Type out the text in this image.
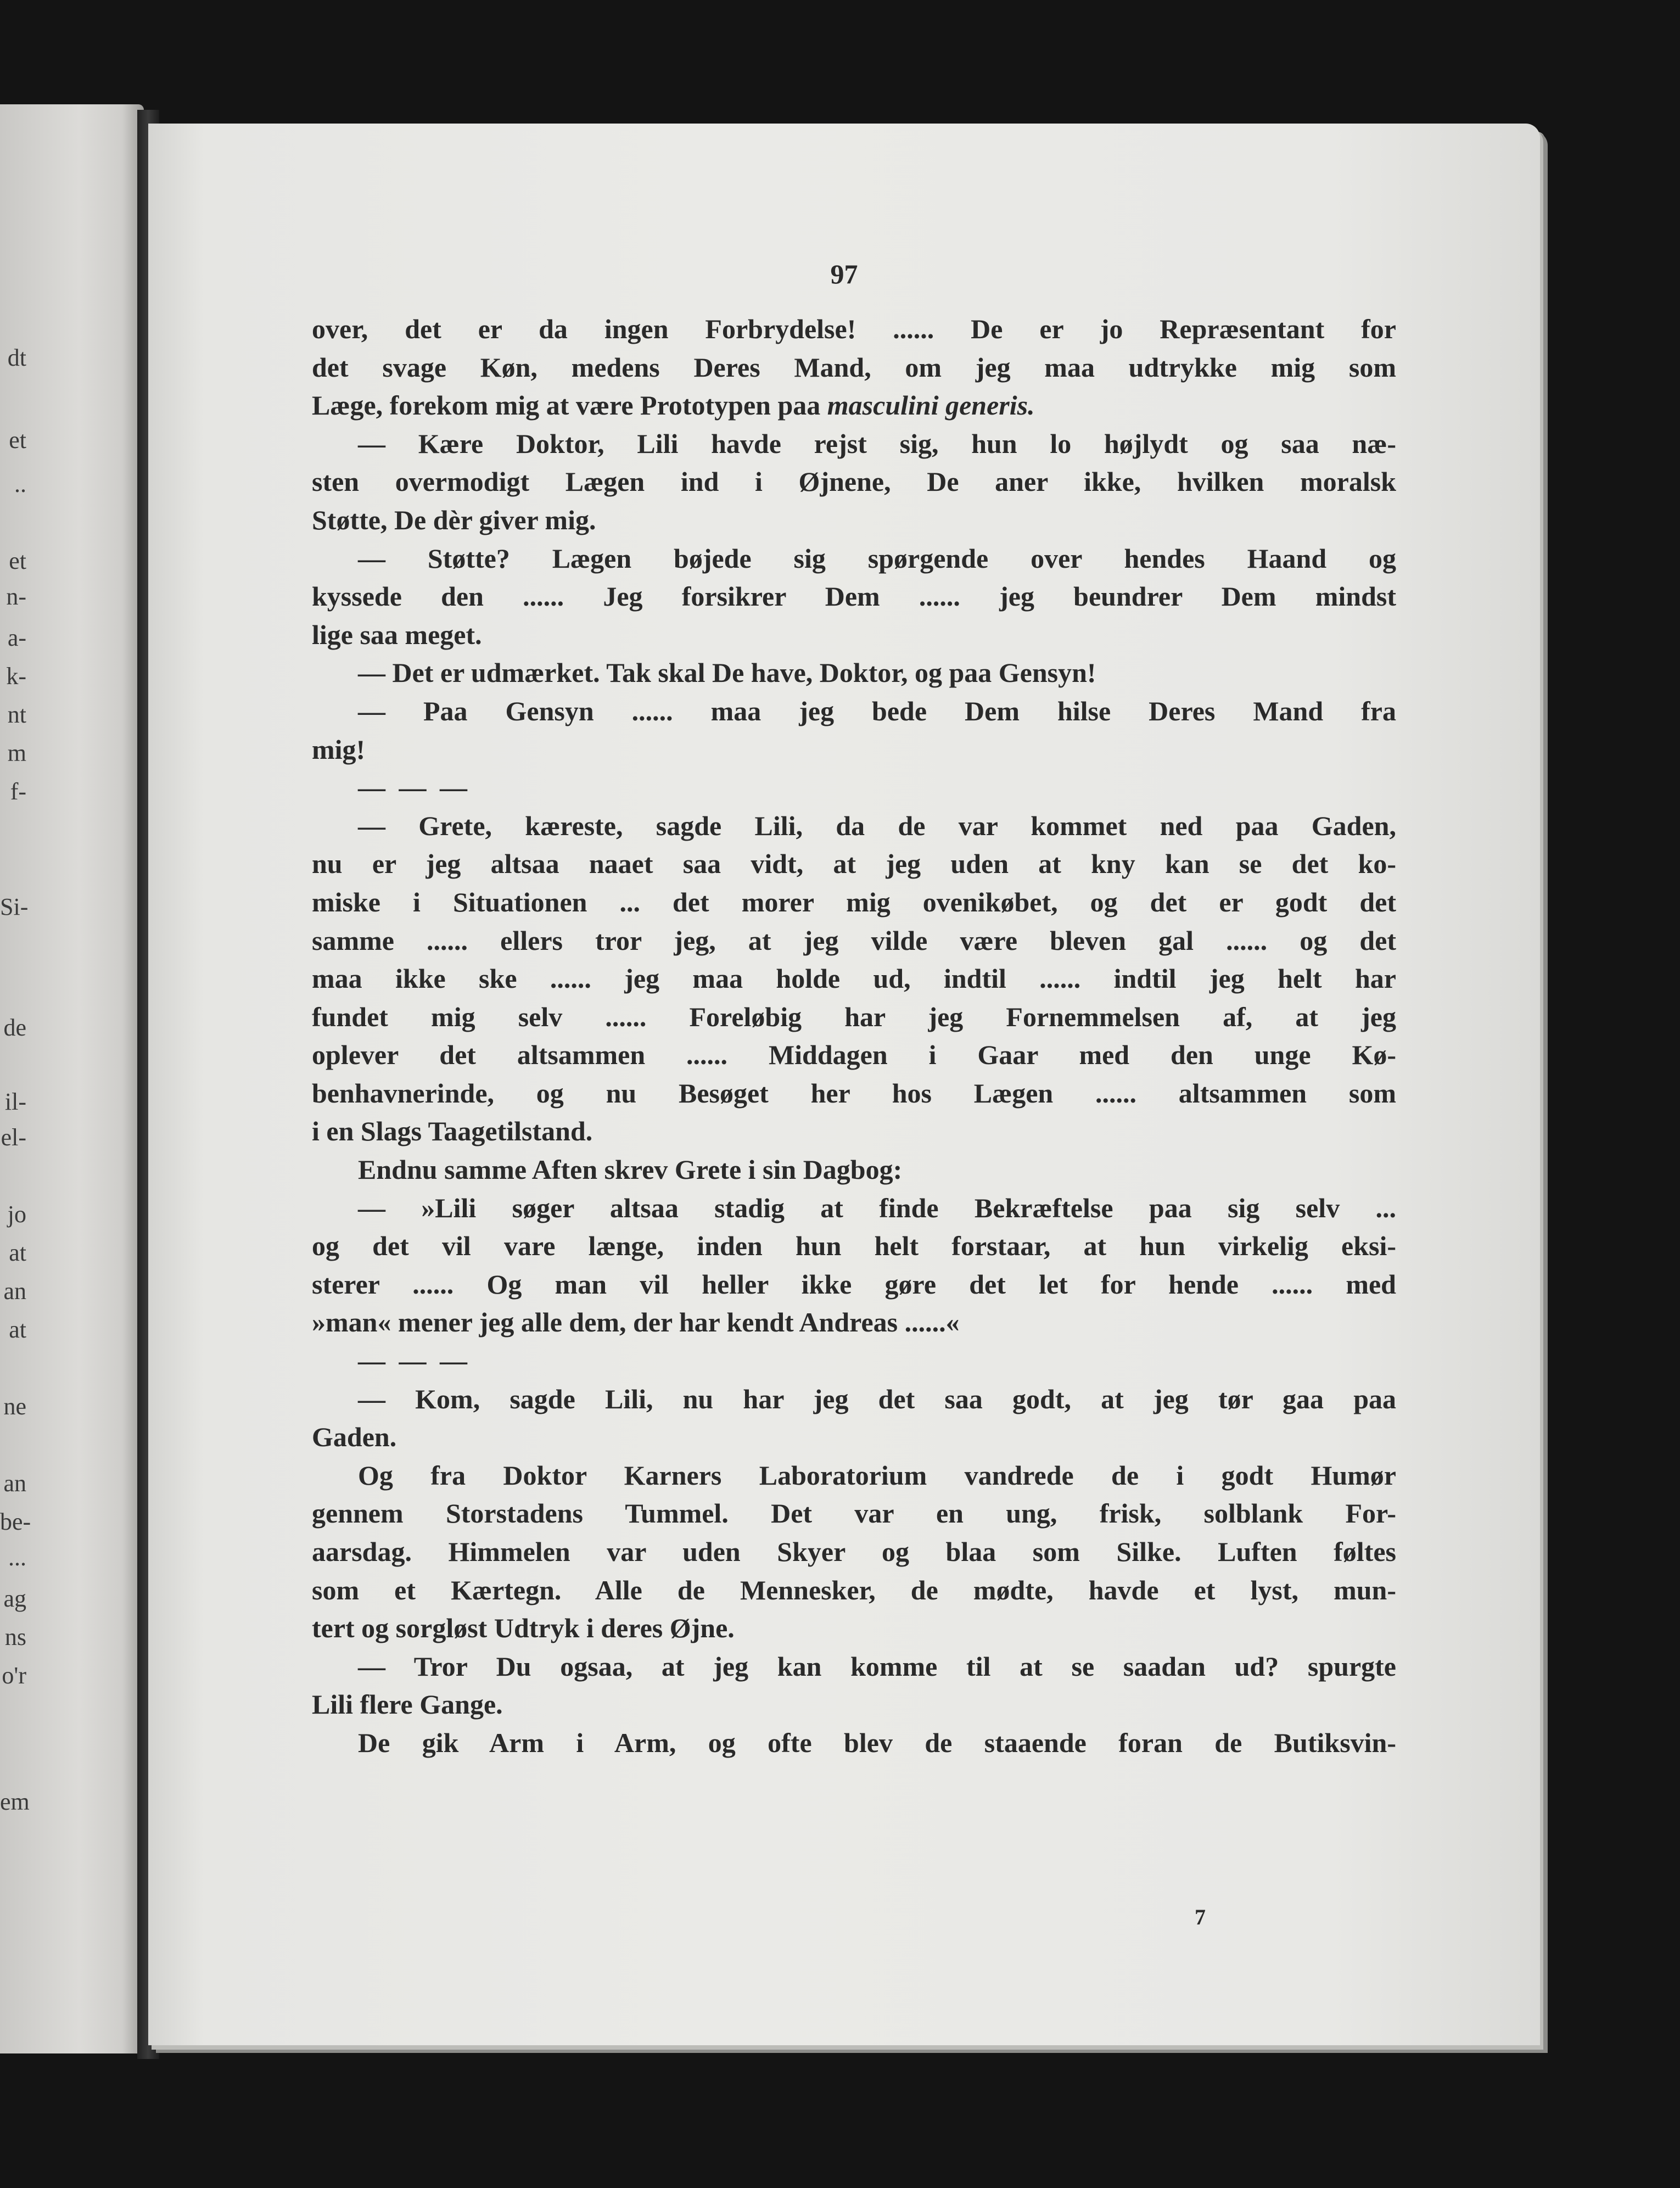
dt
et
..
et
n-
a-
k-
nt
m
f-
Si-
de
il-
el-
jo
at
an
at
ne
an
be-
...
ag
ns
o'r
em
97
over, det er da ingen Forbrydelse! ...... De er jo Repræsentant for
det svage Køn, medens Deres Mand, om jeg maa udtrykke mig som
Læge, forekom mig at være Prototypen paa masculini generis.
— Kære Doktor, Lili havde rejst sig, hun lo højlydt og saa næ-
sten overmodigt Lægen ind i Øjnene, De aner ikke, hvilken moralsk
Støtte, De dèr giver mig.
— Støtte? Lægen bøjede sig spørgende over hendes Haand og
kyssede den ...... Jeg forsikrer Dem ...... jeg beundrer Dem mindst
lige saa meget.
— Det er udmærket. Tak skal De have, Doktor, og paa Gensyn!
— Paa Gensyn ...... maa jeg bede Dem hilse Deres Mand fra
mig!
— — —
— Grete, kæreste, sagde Lili, da de var kommet ned paa Gaden,
nu er jeg altsaa naaet saa vidt, at jeg uden at kny kan se det ko-
miske i Situationen ... det morer mig ovenikøbet, og det er godt det
samme ...... ellers tror jeg, at jeg vilde være bleven gal ...... og det
maa ikke ske ...... jeg maa holde ud, indtil ...... indtil jeg helt har
fundet mig selv ...... Foreløbig har jeg Fornemmelsen af, at jeg
oplever det altsammen ...... Middagen i Gaar med den unge Kø-
benhavnerinde, og nu Besøget her hos Lægen ...... altsammen som
i en Slags Taagetilstand.
Endnu samme Aften skrev Grete i sin Dagbog:
— »Lili søger altsaa stadig at finde Bekræftelse paa sig selv ...
og det vil vare længe, inden hun helt forstaar, at hun virkelig eksi-
sterer ...... Og man vil heller ikke gøre det let for hende ...... med
»man« mener jeg alle dem, der har kendt Andreas ......«
— — —
— Kom, sagde Lili, nu har jeg det saa godt, at jeg tør gaa paa
Gaden.
Og fra Doktor Karners Laboratorium vandrede de i godt Humør
gennem Storstadens Tummel. Det var en ung, frisk, solblank For-
aarsdag. Himmelen var uden Skyer og blaa som Silke. Luften føltes
som et Kærtegn. Alle de Mennesker, de mødte, havde et lyst, mun-
tert og sorgløst Udtryk i deres Øjne.
— Tror Du ogsaa, at jeg kan komme til at se saadan ud? spurgte
Lili flere Gange.
De gik Arm i Arm, og ofte blev de staaende foran de Butiksvin-
7
